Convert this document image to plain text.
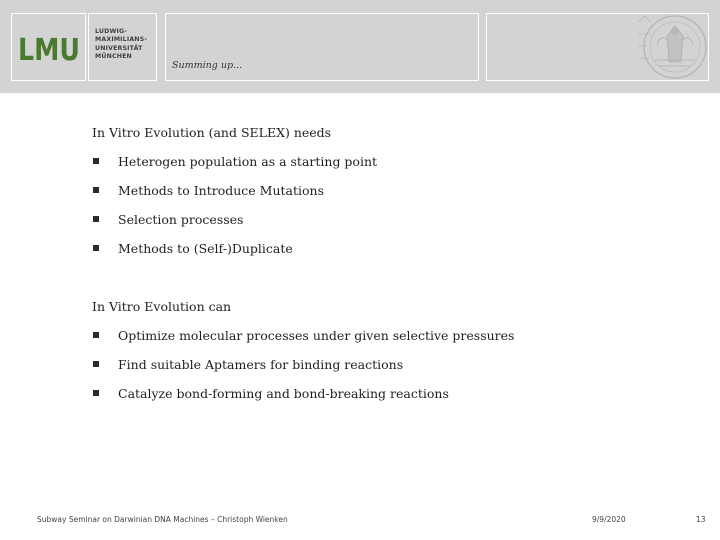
LMU
LUDWIG-
MAXIMILIANS-
UNIVERSITÄT
MÜNCHEN
Summing up...
In Vitro Evolution (and SELEX) needs
Heterogen population as a starting point
Methods to Introduce Mutations
Selection processes
Methods to (Self-)Duplicate
In Vitro Evolution can
Optimize molecular processes under given selective pressures
Find suitable Aptamers for binding reactions
Catalyze bond-forming and bond-breaking reactions
Subway Seminar on Darwinian DNA Machines – Christoph Wienken	9/9/2020	13
